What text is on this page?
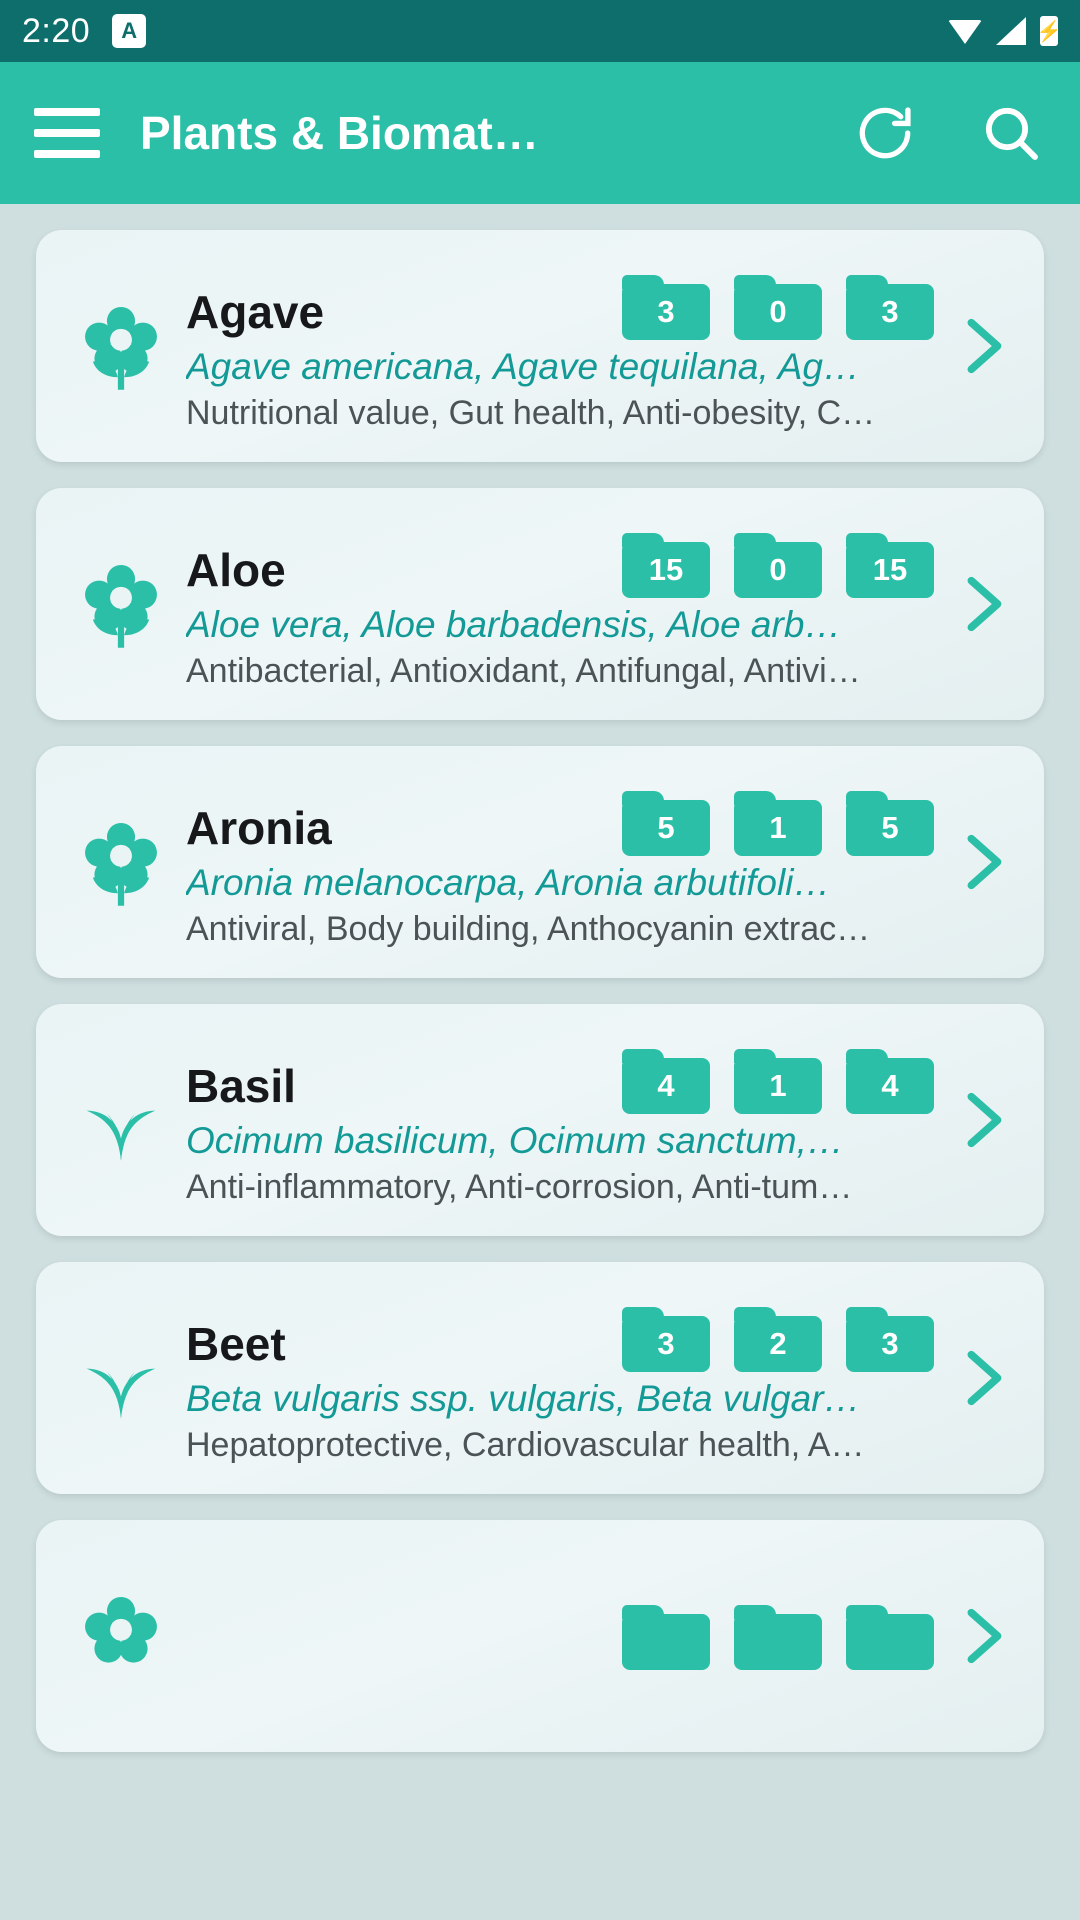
2:20	A	⚡
Plants & Biomat…
Agave	3	0	3
Agave americana, Agave tequilana, Ag…
Nutritional value, Gut health, Anti-obesity, C…
Aloe	15	0	15
Aloe vera, Aloe barbadensis, Aloe arb…
Antibacterial, Antioxidant, Antifungal, Antivi…
Aronia	5	1	5
Aronia melanocarpa, Aronia arbutifoli…
Antiviral, Body building, Anthocyanin extrac…
Basil	4	1	4
Ocimum basilicum, Ocimum sanctum,…
Anti-inflammatory, Anti-corrosion, Anti-tum…
Beet	3	2	3
Beta vulgaris ssp. vulgaris, Beta vulgar…
Hepatoprotective, Cardiovascular health, A…
